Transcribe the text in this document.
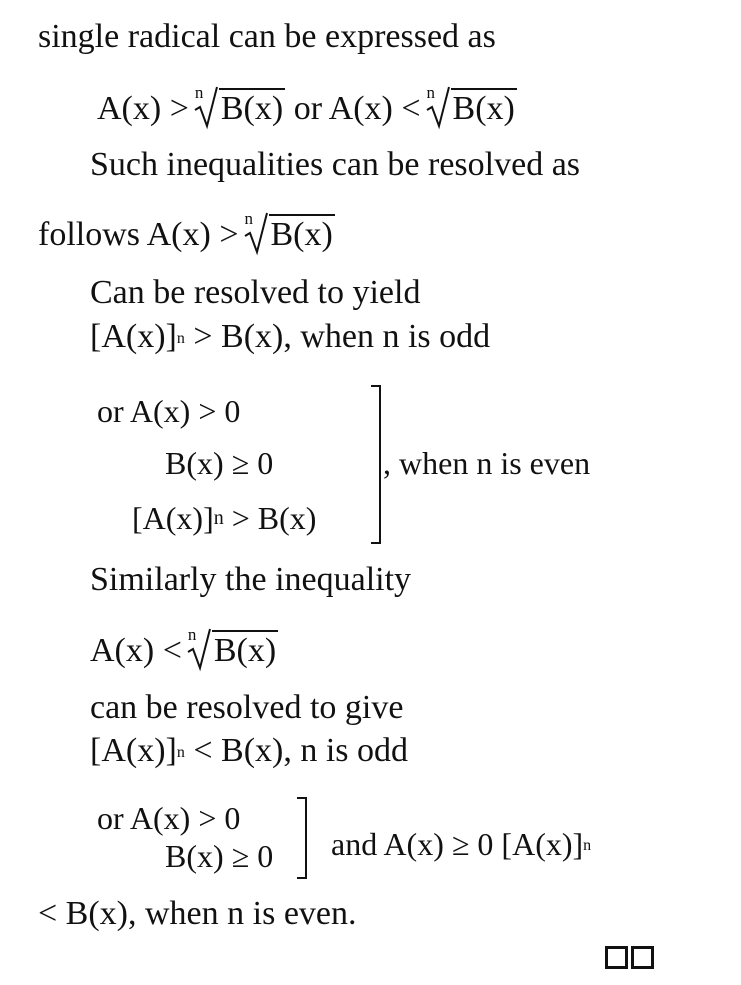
single radical can be expressed as
A(x) > n B(x) or A(x) < n B(x)
Such inequalities can be resolved as
follows A(x) > n B(x)
Can be resolved to yield
$[A(x)]^n > B(x)$, when n is odd
or A(x) > 0
B(x) ≥ 0
$[A(x)]^n > B(x)$
, when n is even
Similarly the inequality
A(x) < n B(x)
can be resolved to give
$[A(x)]^n < B(x)$, n is odd
or A(x) > 0
B(x) ≥ 0 and A(x) ≥ 0 $[A(x)]^n$
< B(x), when n is even.
